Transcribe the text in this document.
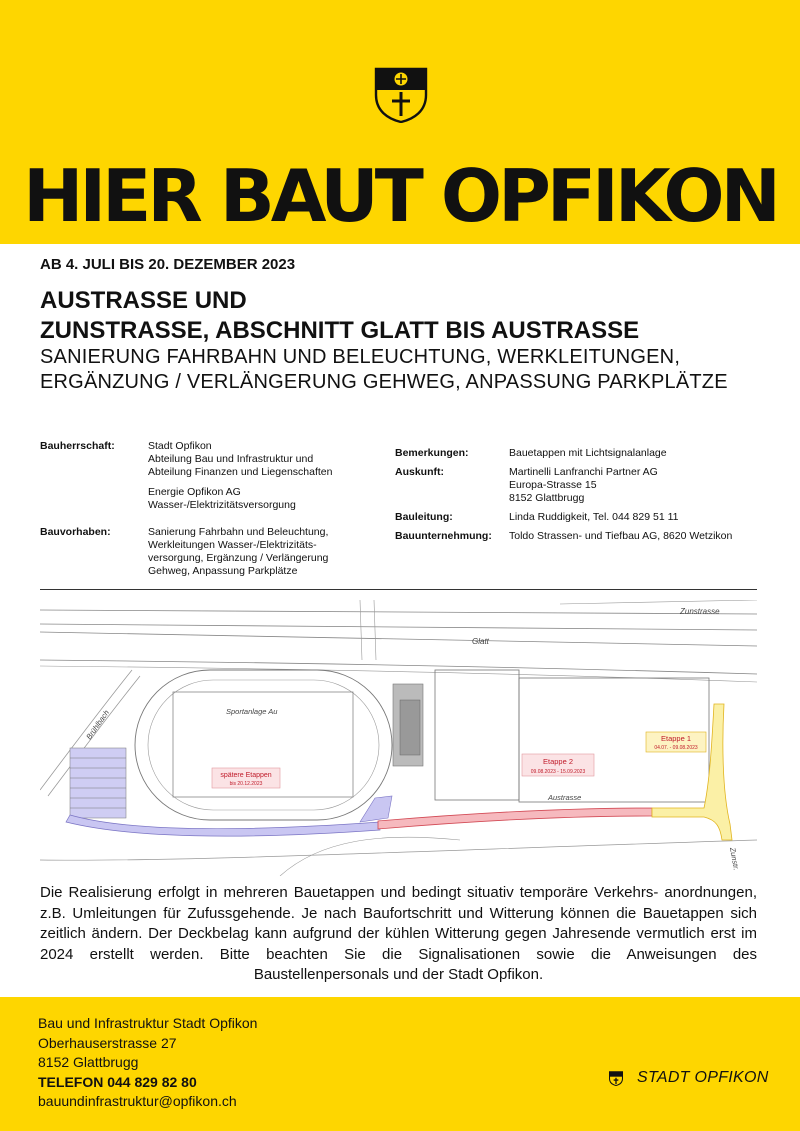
HIER BAUT OPFIKON
AB 4. JULI BIS 20. DEZEMBER 2023
AUSTRASSE UND
ZUNSTRASSE, ABSCHNITT GLATT BIS AUSTRASSE
SANIERUNG FAHRBAHN UND BELEUCHTUNG, WERKLEITUNGEN, ERGÄNZUNG / VERLÄNGERUNG GEHWEG, ANPASSUNG PARKPLÄTZE
Bauherrschaft:	Stadt Opfikon
Abteilung Bau und Infrastruktur und
Abteilung Finanzen und Liegenschaften
Energie Opfikon AG
Wasser-/Elektrizitätsversorgung
Bauvorhaben:	Sanierung Fahrbahn und Beleuchtung,
Werkleitungen Wasser-/Elektrizitäts-
versorgung, Ergänzung / Verlängerung
Gehweg, Anpassung Parkplätze
Bemerkungen:	Bauetappen mit Lichtsignalanlage
Auskunft:	Martinelli Lanfranchi Partner AG
Europa-Strasse 15
8152 Glattbrugg
Bauleitung:	Linda Ruddigkeit, Tel. 044 829 51 11
Bauunternehmung: Toldo Strassen- und Tiefbau AG, 8620 Wetzikon
Zunstrasse
Glatt
Sportanlage Au
Brühlbach
Austrasse
Zunstr.
spätere Etappen
bis 20.12.2023
Etappe 2
09.08.2023 - 15.09.2023
Etappe 1
04.07. - 09.08.2023
Die Realisierung erfolgt in mehreren Bauetappen und bedingt situativ temporäre Verkehrs- anordnungen, z.B. Umleitungen für Zufussgehende. Je nach Baufortschritt und Witterung können die Bauetappen sich zeitlich ändern. Der Deckbelag kann aufgrund der kühlen Witterung gegen Jahresende vermutlich erst im 2024 erstellt werden. Bitte beachten Sie die Signalisationen sowie die Anweisungen des Baustellenpersonals und der Stadt Opfikon.
Bau und Infrastruktur Stadt Opfikon
Oberhauserstrasse 27
8152 Glattbrugg
TELEFON 044 829 82 80
bauundinfrastruktur@opfikon.ch
STADT OPFIKON
